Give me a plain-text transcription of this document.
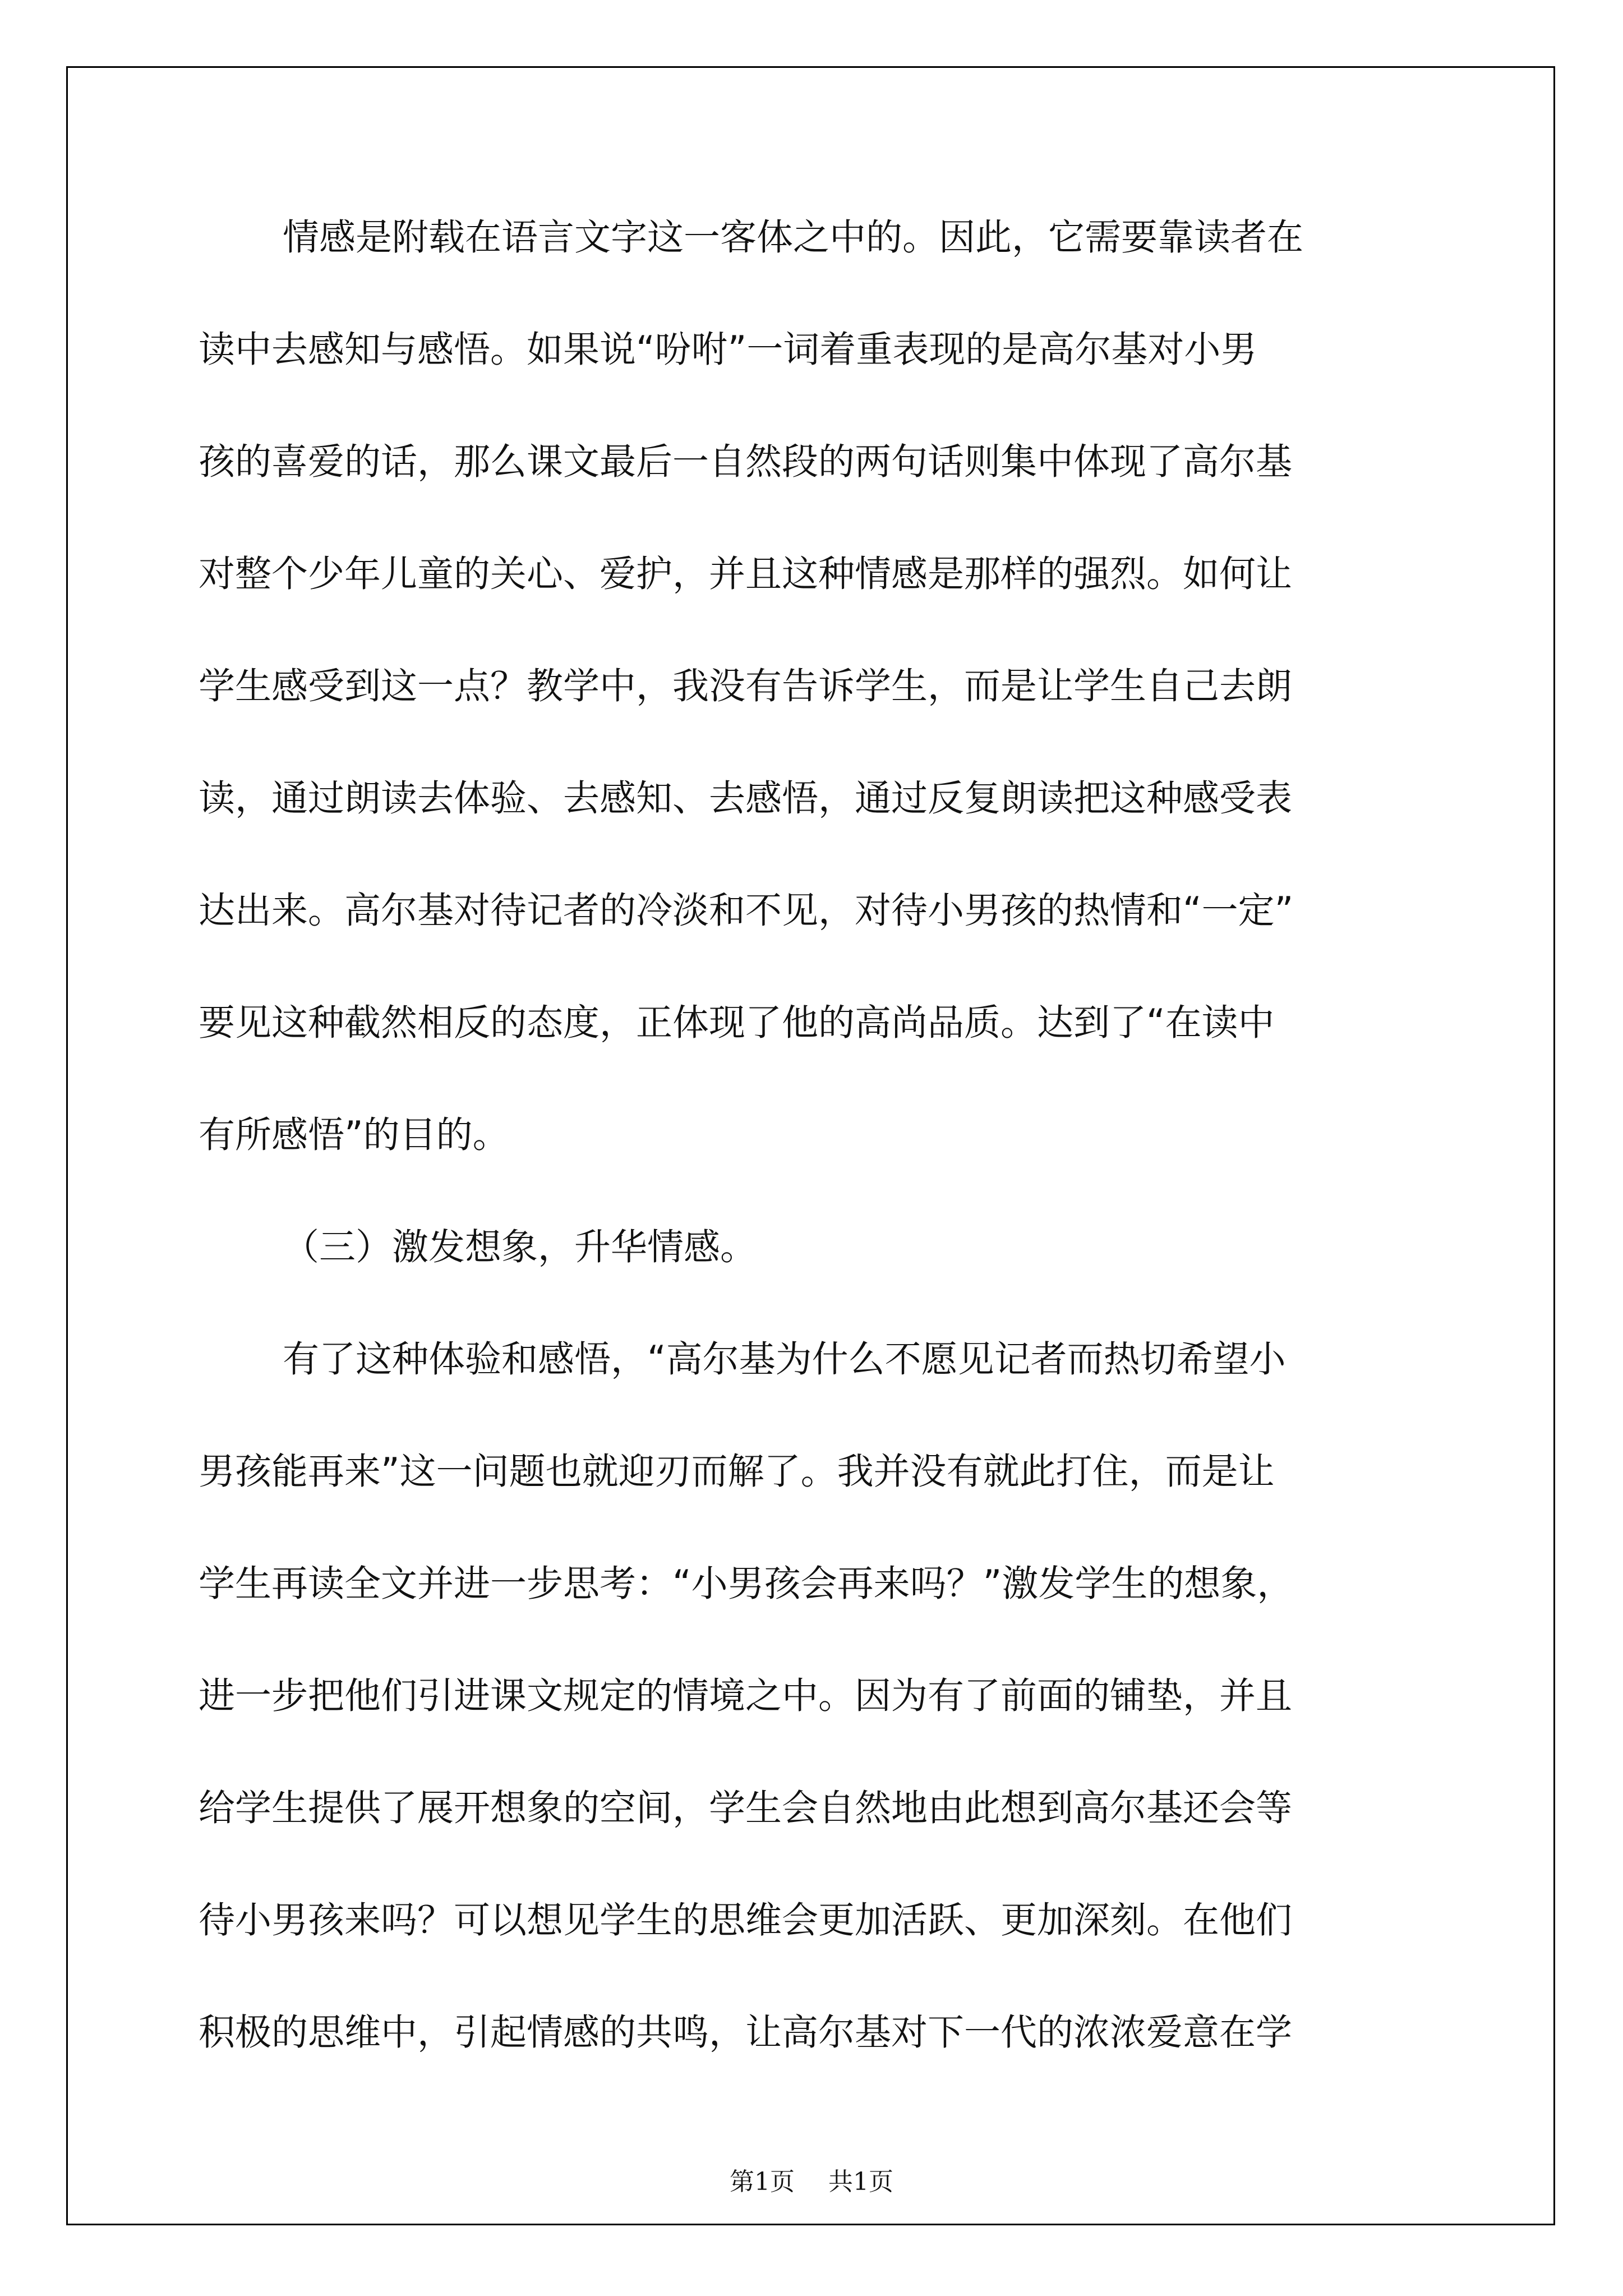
情感是附载在语言文字这一客体之中的。因此，它需要靠读者在
读中去感知与感悟。如果说“吩咐”一词着重表现的是高尔基对小男
孩的喜爱的话，那么课文最后一自然段的两句话则集中体现了高尔基
对整个少年儿童的关心、爱护，并且这种情感是那样的强烈。如何让
学生感受到这一点？教学中，我没有告诉学生，而是让学生自己去朗
读，通过朗读去体验、去感知、去感悟，通过反复朗读把这种感受表
达出来。高尔基对待记者的冷淡和不见，对待小男孩的热情和“一定”
要见这种截然相反的态度，正体现了他的高尚品质。达到了“在读中
有所感悟”的目的。
（三）激发想象，升华情感。
有了这种体验和感悟，“高尔基为什么不愿见记者而热切希望小
男孩能再来”这一问题也就迎刃而解了。我并没有就此打住，而是让
学生再读全文并进一步思考：“小男孩会再来吗？”激发学生的想象，
进一步把他们引进课文规定的情境之中。因为有了前面的铺垫，并且
给学生提供了展开想象的空间，学生会自然地由此想到高尔基还会等
待小男孩来吗？可以想见学生的思维会更加活跃、更加深刻。在他们
积极的思维中，引起情感的共鸣，让高尔基对下一代的浓浓爱意在学
第1页 共1页
